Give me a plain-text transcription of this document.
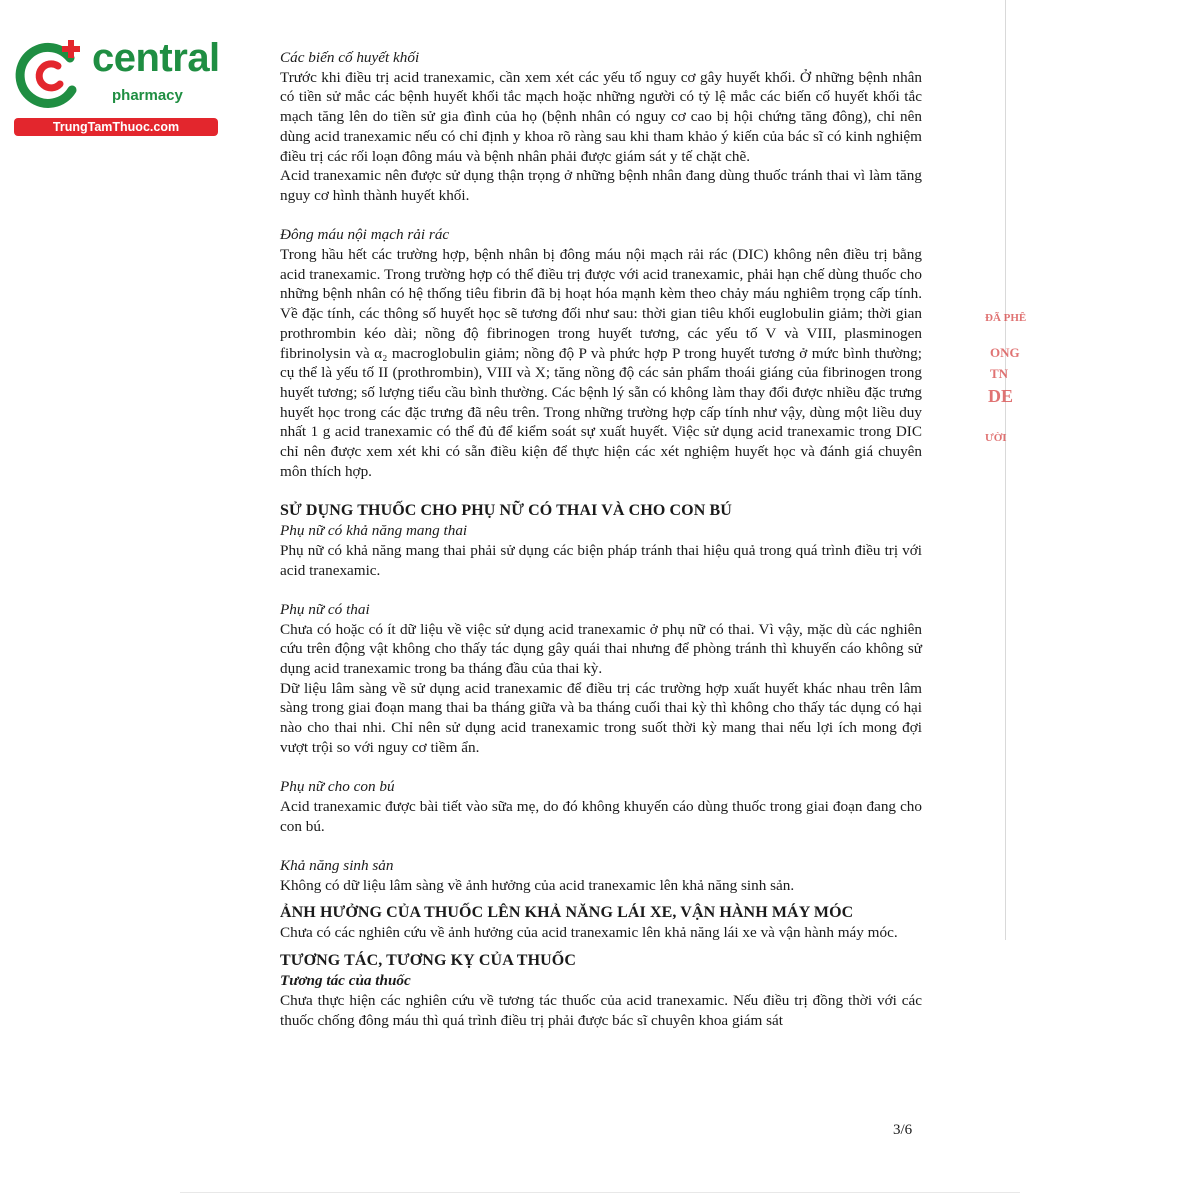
central
pharmacy
TrungTamThuoc.com
ĐÃ PHÊ
ONG
TN
DE
ƯỜI

Các biến cố huyết khối

Trước khi điều trị acid tranexamic, cần xem xét các yếu tố nguy cơ gây huyết khối. Ở những bệnh nhân có tiền sử mắc các bệnh huyết khối tắc mạch hoặc những người có tỷ lệ mắc các biến cố huyết khối tắc mạch tăng lên do tiền sử gia đình của họ (bệnh nhân có nguy cơ cao bị hội chứng tăng đông), chỉ nên dùng acid tranexamic nếu có chỉ định y khoa rõ ràng sau khi tham khảo ý kiến của bác sĩ có kinh nghiệm điều trị các rối loạn đông máu và bệnh nhân phải được giám sát y tế chặt chẽ.

Acid tranexamic nên được sử dụng thận trọng ở những bệnh nhân đang dùng thuốc tránh thai vì làm tăng nguy cơ hình thành huyết khối.

Đông máu nội mạch rải rác

Trong hầu hết các trường hợp, bệnh nhân bị đông máu nội mạch rải rác (DIC) không nên điều trị bằng acid tranexamic. Trong trường hợp có thể điều trị được với acid tranexamic, phải hạn chế dùng thuốc cho những bệnh nhân có hệ thống tiêu fibrin đã bị hoạt hóa mạnh kèm theo chảy máu nghiêm trọng cấp tính. Về đặc tính, các thông số huyết học sẽ tương đối như sau: thời gian tiêu khối euglobulin giảm; thời gian prothrombin kéo dài; nồng độ fibrinogen trong huyết tương, các yếu tố V và VIII, plasminogen fibrinolysin và α₂ macroglobulin giảm; nồng độ P và phức hợp P trong huyết tương ở mức bình thường; cụ thể là yếu tố II (prothrombin), VIII và X; tăng nồng độ các sản phẩm thoái giáng của fibrinogen trong huyết tương; số lượng tiểu cầu bình thường. Các bệnh lý sẵn có không làm thay đổi được nhiều đặc trưng huyết học trong các đặc trưng đã nêu trên. Trong những trường hợp cấp tính như vậy, dùng một liều duy nhất 1 g acid tranexamic có thể đủ để kiểm soát sự xuất huyết. Việc sử dụng acid tranexamic trong DIC chỉ nên được xem xét khi có sẵn điều kiện để thực hiện các xét nghiệm huyết học và đánh giá chuyên môn thích hợp.

SỬ DỤNG THUỐC CHO PHỤ NỮ CÓ THAI VÀ CHO CON BÚ

Phụ nữ có khả năng mang thai

Phụ nữ có khả năng mang thai phải sử dụng các biện pháp tránh thai hiệu quả trong quá trình điều trị với acid tranexamic.

Phụ nữ có thai

Chưa có hoặc có ít dữ liệu về việc sử dụng acid tranexamic ở phụ nữ có thai. Vì vậy, mặc dù các nghiên cứu trên động vật không cho thấy tác dụng gây quái thai nhưng để phòng tránh thì khuyến cáo không sử dụng acid tranexamic trong ba tháng đầu của thai kỳ.

Dữ liệu lâm sàng về sử dụng acid tranexamic để điều trị các trường hợp xuất huyết khác nhau trên lâm sàng trong giai đoạn mang thai ba tháng giữa và ba tháng cuối thai kỳ thì không cho thấy tác dụng có hại nào cho thai nhi. Chỉ nên sử dụng acid tranexamic trong suốt thời kỳ mang thai nếu lợi ích mong đợi vượt trội so với nguy cơ tiềm ẩn.

Phụ nữ cho con bú

Acid tranexamic được bài tiết vào sữa mẹ, do đó không khuyến cáo dùng thuốc trong giai đoạn đang cho con bú.

Khả năng sinh sản

Không có dữ liệu lâm sàng về ảnh hưởng của acid tranexamic lên khả năng sinh sản.

ẢNH HƯỞNG CỦA THUỐC LÊN KHẢ NĂNG LÁI XE, VẬN HÀNH MÁY MÓC

Chưa có các nghiên cứu về ảnh hưởng của acid tranexamic lên khả năng lái xe và vận hành máy móc.

TƯƠNG TÁC, TƯƠNG KỴ CỦA THUỐC

Tương tác của thuốc

Chưa thực hiện các nghiên cứu về tương tác thuốc của acid tranexamic. Nếu điều trị đồng thời với các thuốc chống đông máu thì quá trình điều trị phải được bác sĩ chuyên khoa giám sát

3/6
